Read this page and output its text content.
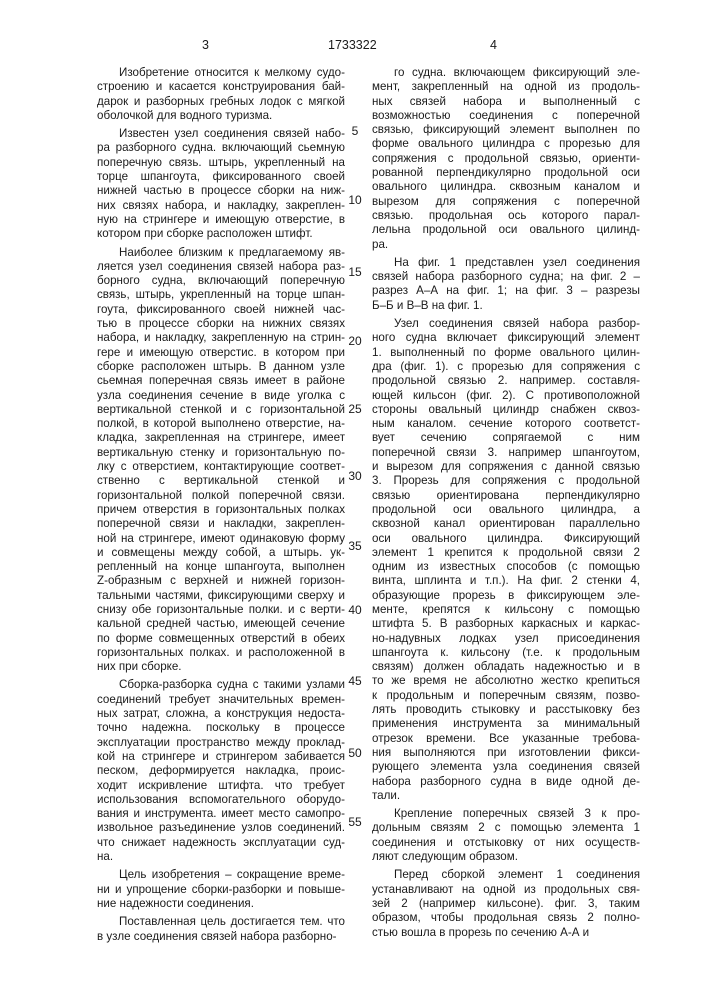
3	1733322	4
Изобретение относится к мелкому судо-
строению и касается конструирования бай-
дарок и разборных гребных лодок с мягкой
оболочкой для водного туризма.
Известен узел соединения связей набо-
ра разборного судна. включающий сьемную
поперечную связь. штырь, укрепленный на
торце шпангоута, фиксированного своей
нижней частью в процессе сборки на ниж-
них связях набора, и накладку, закреплен-
ную на стрингере и имеющую отверстие, в
котором при сборке расположен штифт.
Наиболее близким к предлагаемому яв-
ляется узел соединения связей набора раз-
борного судна, включающий поперечную
связь, штырь, укрепленный на торце шпан-
гоута, фиксированного своей нижней час-
тью в процессе сборки на нижних связях
набора, и накладку, закрепленную на стрин-
гере и имеющую отверстис. в котором при
сборке расположен штырь. В данном узле
сьемная поперечная связь имеет в районе
узла соединения сечение в виде уголка с
вертикальной стенкой и с горизонтальной
полкой, в которой выполнено отверстие, на-
кладка, закрепленная на стрингере, имеет
вертикальную стенку и горизонтальную по-
лку с отверстием, контактирующие соответ-
ственно с вертикальной стенкой и
горизонтальной полкой поперечной связи.
причем отверстия в горизонтальных полках
поперечной связи и накладки, закреплен-
ной на стрингере, имеют одинаковую форму
и совмещены между собой, а штырь. ук-
репленный на конце шпангоута, выполнен
Z-образным с верхней и нижней горизон-
тальными частями, фиксирующими сверху и
снизу обе горизонтальные полки. и с верти-
кальной средней частью, имеющей сечение
по форме совмещенных отверстий в обеих
горизонтальных полках. и расположенной в
них при сборке.
Сборка-разборка судна с такими узлами
соединений требует значительных времен-
ных затрат, сложна, а конструкция недоста-
точно надежна. поскольку в процессе
эксплуатации пространство между проклад-
кой на стрингере и стрингером забивается
песком, деформируется накладка, проис-
ходит искривление штифта. что требует
использования вспомогательного оборудо-
вания и инструмента. имеет место самопро-
извольное разъединение узлов соединений.
что снижает надежность эксплуатации суд-
на.
Цель изобретения – сокращение време-
ни и упрощение сборки-разборки и повыше-
ние надежности соединения.
Поставленная цель достигается тем. что
в узле соединения связей набора разборно-
го судна. включающем фиксирующий эле-
мент, закрепленный на одной из продоль-
ных связей набора и выполненный с
возможностью соединения с поперечной
связью, фиксирующий элемент выполнен по
форме овального цилиндра с прорезью для
сопряжения с продольной связью, ориенти-
рованной перпендикулярно продольной оси
овального цилиндра. сквозным каналом и
вырезом для сопряжения с поперечной
связью. продольная ось которого парал-
лельна продольной оси овального цилинд-
ра.
На фиг. 1 представлен узел соединения
связей набора разборного судна; на фиг. 2 –
разрез А–А на фиг. 1; на фиг. 3 – разрезы
Б–Б и В–В на фиг. 1.
Узел соединения связей набора разбор-
ного судна включает фиксирующий элемент
1. выполненный по форме овального цилин-
дра (фиг. 1). с прорезью для сопряжения с
продольной связью 2. например. составля-
ющей кильсон (фиг. 2). С противоположной
стороны овальный цилиндр снабжен сквоз-
ным каналом. сечение которого соответст-
вует сечению сопрягаемой с ним
поперечной связи 3. например шпангоутом,
и вырезом для сопряжения с данной связью
3. Прорезь для сопряжения с продольной
связью ориентирована перпендикулярно
продольной оси овального цилиндра, а
сквозной канал ориентирован параллельно
оси овального цилиндра. Фиксирующий
элемент 1 крепится к продольной связи 2
одним из известных способов (с помощью
винта, шплинта и т.п.). На фиг. 2 стенки 4,
образующие прорезь в фиксирующем эле-
менте, крепятся к кильсону с помощью
штифта 5. В разборных каркасных и каркас-
но-надувных лодках узел присоединения
шпангоута к. кильсону (т.е. к продольным
связям) должен обладать надежностью и в
то же время не абсолютно жестко крепиться
к продольным и поперечным связям, позво-
лять проводить стыковку и расстыковку без
применения инструмента за минимальный
отрезок времени. Все указанные требова-
ния выполняются при изготовлении фикси-
рующего элемента узла соединения связей
набора разборного судна в виде одной де-
тали.
Крепление поперечных связей 3 к про-
дольным связям 2 с помощью элемента 1
соединения и отстыковку от них осуществ-
ляют следующим образом.
Перед сборкой элемент 1 соединения
устанавливают на одной из продольных свя-
зей 2 (например кильсоне). фиг. 3, таким
образом, чтобы продольная связь 2 полно-
стью вошла в прорезь по сечению А-А и
5
10
15
20
25
30
35
40
45
50
55
